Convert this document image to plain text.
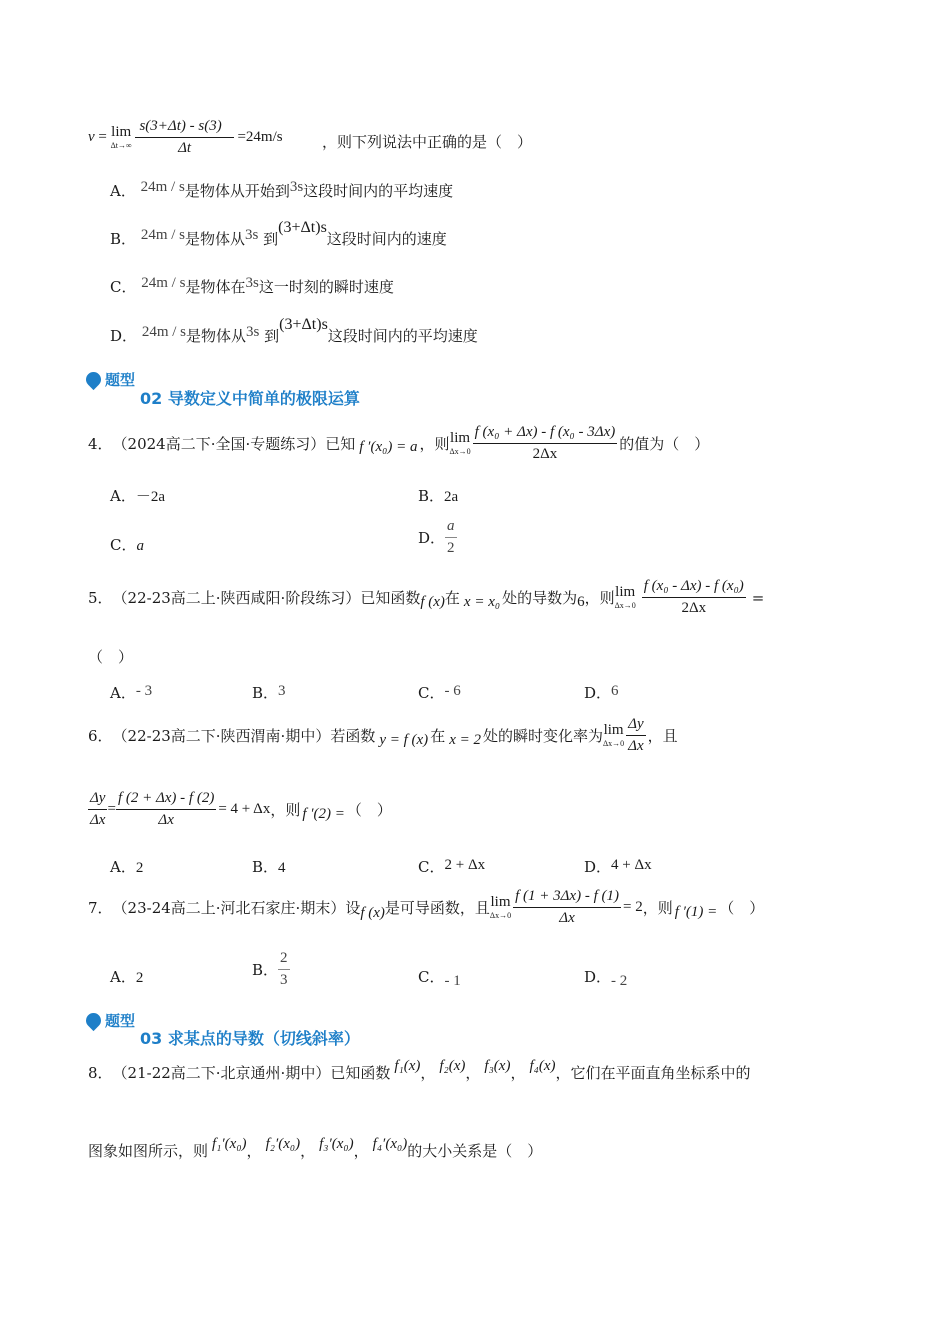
v = lim
Δt→∞
$\frac{s(3+\Delta t) - s(3)}{\Delta t} =24m/s$	，则下列说法中正确的是（　）
A． 24m / s是物体从开始到3s这段时间内的平均速度
B． 24m / s是物体从3s 到(3+Δt)s这段时间内的速度
C． 24m / s是物体在3s这一时刻的瞬时速度
D． 24m / s是物体从3s 到(3+Δt)s这段时间内的平均速度
题型
02 导数定义中简单的极限运算
4． （2024高二下·全国·专题练习）已知 f ′(x₀) = a ，则 lim
$\Delta x\to 0 \frac{\text{f (x₀ + Δx) - f (x₀ - 3Δx)}}{2\Delta x}$ 的值为（　）
A．－2a	B．2a
C．a	D． $\frac{a}{2}$
5． （22-23高二上·陕西咸阳·阶段练习）已知函数 f (x) 在 x = x₀ 处的导数为 6 ，则 lim
$\Delta x\to 0 \frac{\text{f (x₀ - Δx) - f (x₀)}}{2\Delta x}$ =
（　）
A．- 3	B．3	C．- 6	D．6
6． （22-23高二下·陕西渭南·期中）若函数 y = f (x) 在 x = 2 处的瞬时变化率为 lim
$\Delta x\to 0 \frac{\Delta y}{\Delta x}$ ，且
$\frac{\Delta y}{\Delta x} = \frac{f (2 + \Delta x) - f (2)}{\Delta x} = 4 + \Delta x$ ，则 f ′(2) = （　）
A．2	B．4	C．2 + Δx	D．4 + Δx
7． （23-24高二上·河北石家庄·期末）设 f (x) 是可导函数，且 lim
$\Delta x\to 0 \frac{f (1 + 3\Delta x) - f (1)}{\Delta x} = 2$ ，则 f ′(1) = （　）
A．2	B． $\frac{2}{3}$	C．- 1	D．- 2
题型
03 求某点的导数（切线斜率）
8． （21-22高二下·北京通州·期中）已知函数 f₁(x) ， f₂(x) ， f₃(x) ， f₄(x) ，它们在平面直角坐标系中的
图象如图所示，则 f₁′(x₀) ， f₂′(x₀) ， f₃′(x₀) ， f₄′(x₀) 的大小关系是（　）
